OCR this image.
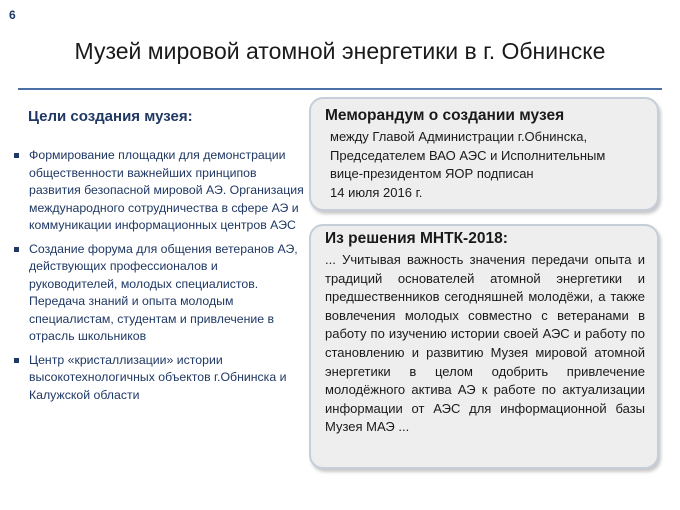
6
Музей мировой атомной энергетики в г. Обнинске
Цели создания музея:
Формирование площадки для демонстрации общественности важнейших принципов развития безопасной мировой АЭ. Организация международного сотрудничества в сфере АЭ и коммуникации информационных центров АЭС
Создание форума для общения ветеранов АЭ, действующих профессионалов и руководителей, молодых специалистов. Передача знаний и опыта молодым специалистам, студентам и привлечение в отрасль школьников
Центр «кристаллизации» истории высокотехнологичных объектов г.Обнинска и Калужской области
Меморандум о создании музея
между Главой Администрации г.Обнинска,
Председателем ВАО АЭС и Исполнительным
вице-президентом ЯОР подписан
14 июля 2016 г.
Из решения МНТК-2018:
... Учитывая важность значения передачи опыта и традиций основателей атомной энергетики и предшественников сегодняшней молодёжи, а также вовлечения молодых совместно с ветеранами в работу по изучению истории своей АЭС и работу по становлению и развитию Музея мировой атомной энергетики в целом одобрить привлечение молодёжного актива АЭ к работе по актуализации информации от АЭС для информационной базы Музея МАЭ ...
